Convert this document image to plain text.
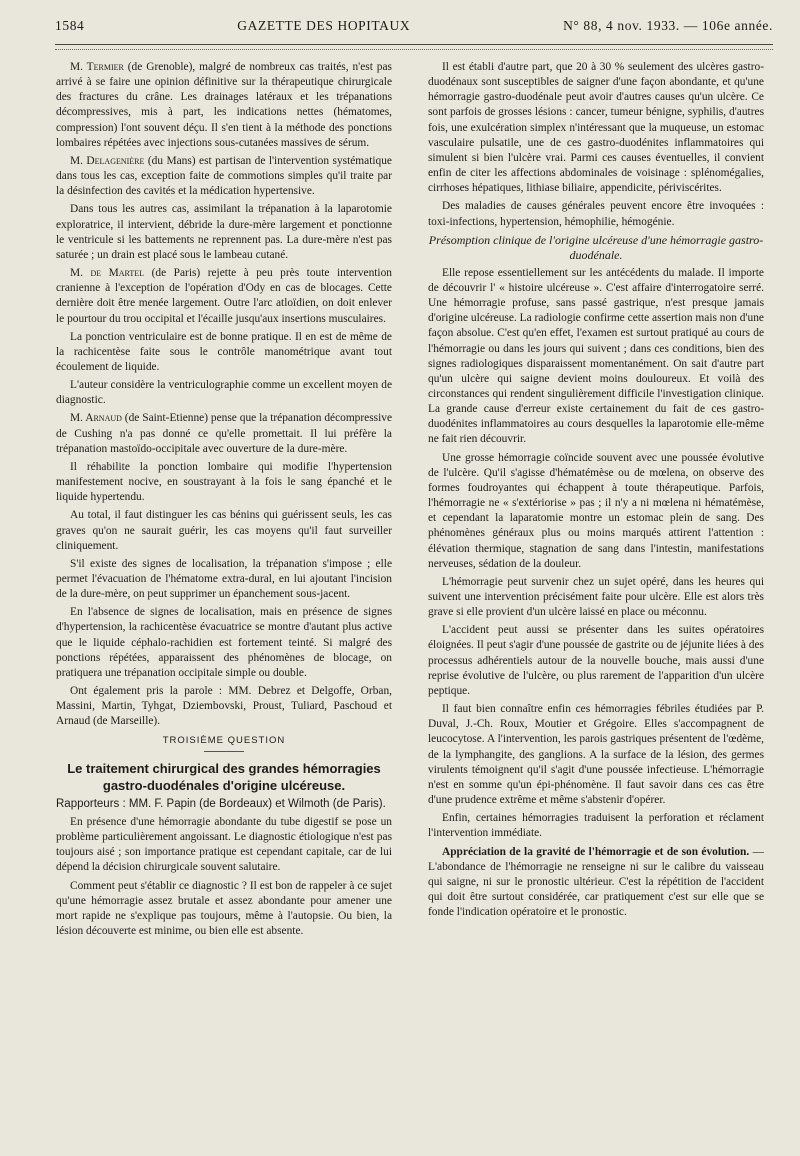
1584	GAZETTE DES HOPITAUX	N° 88, 4 nov. 1933. — 106e année.

M. Termier (de Grenoble), malgré de nombreux cas traités, n'est pas arrivé à se faire une opinion définitive sur la thérapeutique chirurgicale des fractures du crâne. Les drainages latéraux et les trépanations décompressives, mis à part, les indications nettes (hématomes, compression) l'ont souvent déçu. Il s'en tient à la méthode des ponctions lombaires répétées avec injections sous-cutanées massives de sérum.

M. Delagenière (du Mans) est partisan de l'intervention systématique dans tous les cas, exception faite de commotions simples qu'il traite par la désinfection des cavités et la médication hypertensive.

Dans tous les autres cas, assimilant la trépanation à la laparotomie exploratrice, il intervient, débride la dure-mère largement et ponctionne le ventricule si les battements ne reprennent pas. La dure-mère n'est pas saturée ; un drain est placé sous le lambeau cutané.

M. de Martel (de Paris) rejette à peu près toute intervention cranienne à l'exception de l'opération d'Ody en cas de blocages. Cette dernière doit être menée largement. Outre l'arc atloïdien, on doit enlever le pourtour du trou occipital et l'écaille jusqu'aux insertions musculaires.

La ponction ventriculaire est de bonne pratique. Il en est de même de la rachicentèse faite sous le contrôle manométrique avant tout écoulement de liquide.

L'auteur considère la ventriculographie comme un excellent moyen de diagnostic.

M. Arnaud (de Saint-Etienne) pense que la trépanation décompressive de Cushing n'a pas donné ce qu'elle promettait. Il lui préfère la trépanation mastoïdo-occipitale avec ouverture de la dure-mère.

Il réhabilite la ponction lombaire qui modifie l'hypertension manifestement nocive, en soustrayant à la fois le sang épanché et le liquide hypertendu.

Au total, il faut distinguer les cas bénins qui guérissent seuls, les cas graves qu'on ne saurait guérir, les cas moyens qu'il faut surveiller cliniquement.

S'il existe des signes de localisation, la trépanation s'impose ; elle permet l'évacuation de l'hématome extra-dural, en lui ajoutant l'incision de la dure-mère, on peut supprimer un épanchement sous-jacent.

En l'absence de signes de localisation, mais en présence de signes d'hypertension, la rachicentèse évacuatrice se montre d'autant plus active que le liquide céphalo-rachidien est fortement teinté. Si malgré des ponctions répétées, apparaissent des phénomènes de blocage, on pratiquera une trépanation occipitale simple ou double.

Ont également pris la parole : MM. Debrez et Delgoffe, Orban, Massini, Martin, Tyhgat, Dziembovski, Proust, Tuliard, Paschoud et Arnaud (de Marseille).

TROISIÈME QUESTION

Le traitement chirurgical des grandes hémorragies gastro-duodénales d'origine ulcéreuse.

Rapporteurs : MM. F. Papin (de Bordeaux) et Wilmoth (de Paris).

En présence d'une hémorragie abondante du tube digestif se pose un problème particulièrement angoissant. Le diagnostic étiologique n'est pas toujours aisé ; son importance pratique est cependant capitale, car de lui dépend la décision chirurgicale souvent salutaire.

Comment peut s'établir ce diagnostic ? Il est bon de rappeler à ce sujet qu'une hémorragie assez brutale et assez abondante pour amener une mort rapide ne s'explique pas toujours, même à l'autopsie. Ou bien, la lésion découverte est minime, ou bien elle est absente.

Il est établi d'autre part, que 20 à 30 % seulement des ulcères gastro-duodénaux sont susceptibles de saigner d'une façon abondante, et qu'une hémorragie gastro-duodénale peut avoir d'autres causes qu'un ulcère. Ce sont parfois de grosses lésions : cancer, tumeur bénigne, syphilis, d'autres fois, une exulcération simplex n'intéressant que la muqueuse, un estomac vasculaire pulsatile, une de ces gastro-duodénites inflammatoires qui simulent si bien l'ulcère vrai. Parmi ces causes éventuelles, il convient enfin de citer les affections abdominales de voisinage : splénomégalies, cirrhoses hépatiques, lithiase biliaire, appendicite, périviscérites.

Des maladies de causes générales peuvent encore être invoquées : toxi-infections, hypertension, hémophilie, hémogénie.

Présomption clinique de l'origine ulcéreuse d'une hémorragie gastro-duodénale.

Elle repose essentiellement sur les antécédents du malade. Il importe de découvrir l' « histoire ulcéreuse ». C'est affaire d'interrogatoire serré. Une hémorragie profuse, sans passé gastrique, n'est presque jamais d'origine ulcéreuse. La radiologie confirme cette assertion mais non d'une façon absolue. C'est qu'en effet, l'examen est surtout pratiqué au cours de l'hémorragie ou dans les jours qui suivent ; dans ces conditions, bien des signes radiologiques disparaissent momentanément. On sait d'autre part qu'un ulcère qui saigne devient moins douloureux. Et voilà des circonstances qui rendent singulièrement difficile l'investigation clinique. La grande cause d'erreur existe certainement du fait de ces gastro-duodénites inflammatoires au cours desquelles la laparotomie elle-même ne fait rien découvrir.

Une grosse hémorragie coïncide souvent avec une poussée évolutive de l'ulcère. Qu'il s'agisse d'hématémèse ou de mœlena, on observe des formes foudroyantes qui échappent à toute thérapeutique. Parfois, l'hémorragie ne « s'extériorise » pas ; il n'y a ni mœlena ni hématémèse, et cependant la laparatomie montre un estomac plein de sang. Des phénomènes généraux plus ou moins marqués attirent l'attention : élévation thermique, stagnation de sang dans l'intestin, manifestations nerveuses, sédation de la douleur.

L'hémorragie peut survenir chez un sujet opéré, dans les heures qui suivent une intervention précisément faite pour ulcère. Elle est alors très grave si elle provient d'un ulcère laissé en place ou méconnu.

L'accident peut aussi se présenter dans les suites opératoires éloignées. Il peut s'agir d'une poussée de gastrite ou de jéjunite liées à des processus adhérentiels autour de la nouvelle bouche, mais aussi d'une reprise évolutive de l'ulcère, ou plus rarement de l'apparition d'un ulcère peptique.

Il faut bien connaître enfin ces hémorragies fébriles étudiées par P. Duval, J.-Ch. Roux, Moutier et Grégoire. Elles s'accompagnent de leucocytose. A l'intervention, les parois gastriques présentent de l'œdème, de la lymphangite, des ganglions. A la surface de la lésion, des germes virulents témoignent qu'il s'agit d'une poussée infectieuse. L'hémorragie n'est en somme qu'un épi-phénomène. Il faut savoir dans ces cas être d'une prudence extrême et même s'abstenir d'opérer.

Enfin, certaines hémorragies traduisent la perforation et réclament l'intervention immédiate.

Appréciation de la gravité de l'hémorragie et de son évolution. — L'abondance de l'hémorragie ne renseigne ni sur le calibre du vaisseau qui saigne, ni sur le pronostic ultérieur. C'est la répétition de l'accident qui doit être surtout considérée, car pratiquement c'est sur elle que se fonde l'indication opératoire et le pronostic.
